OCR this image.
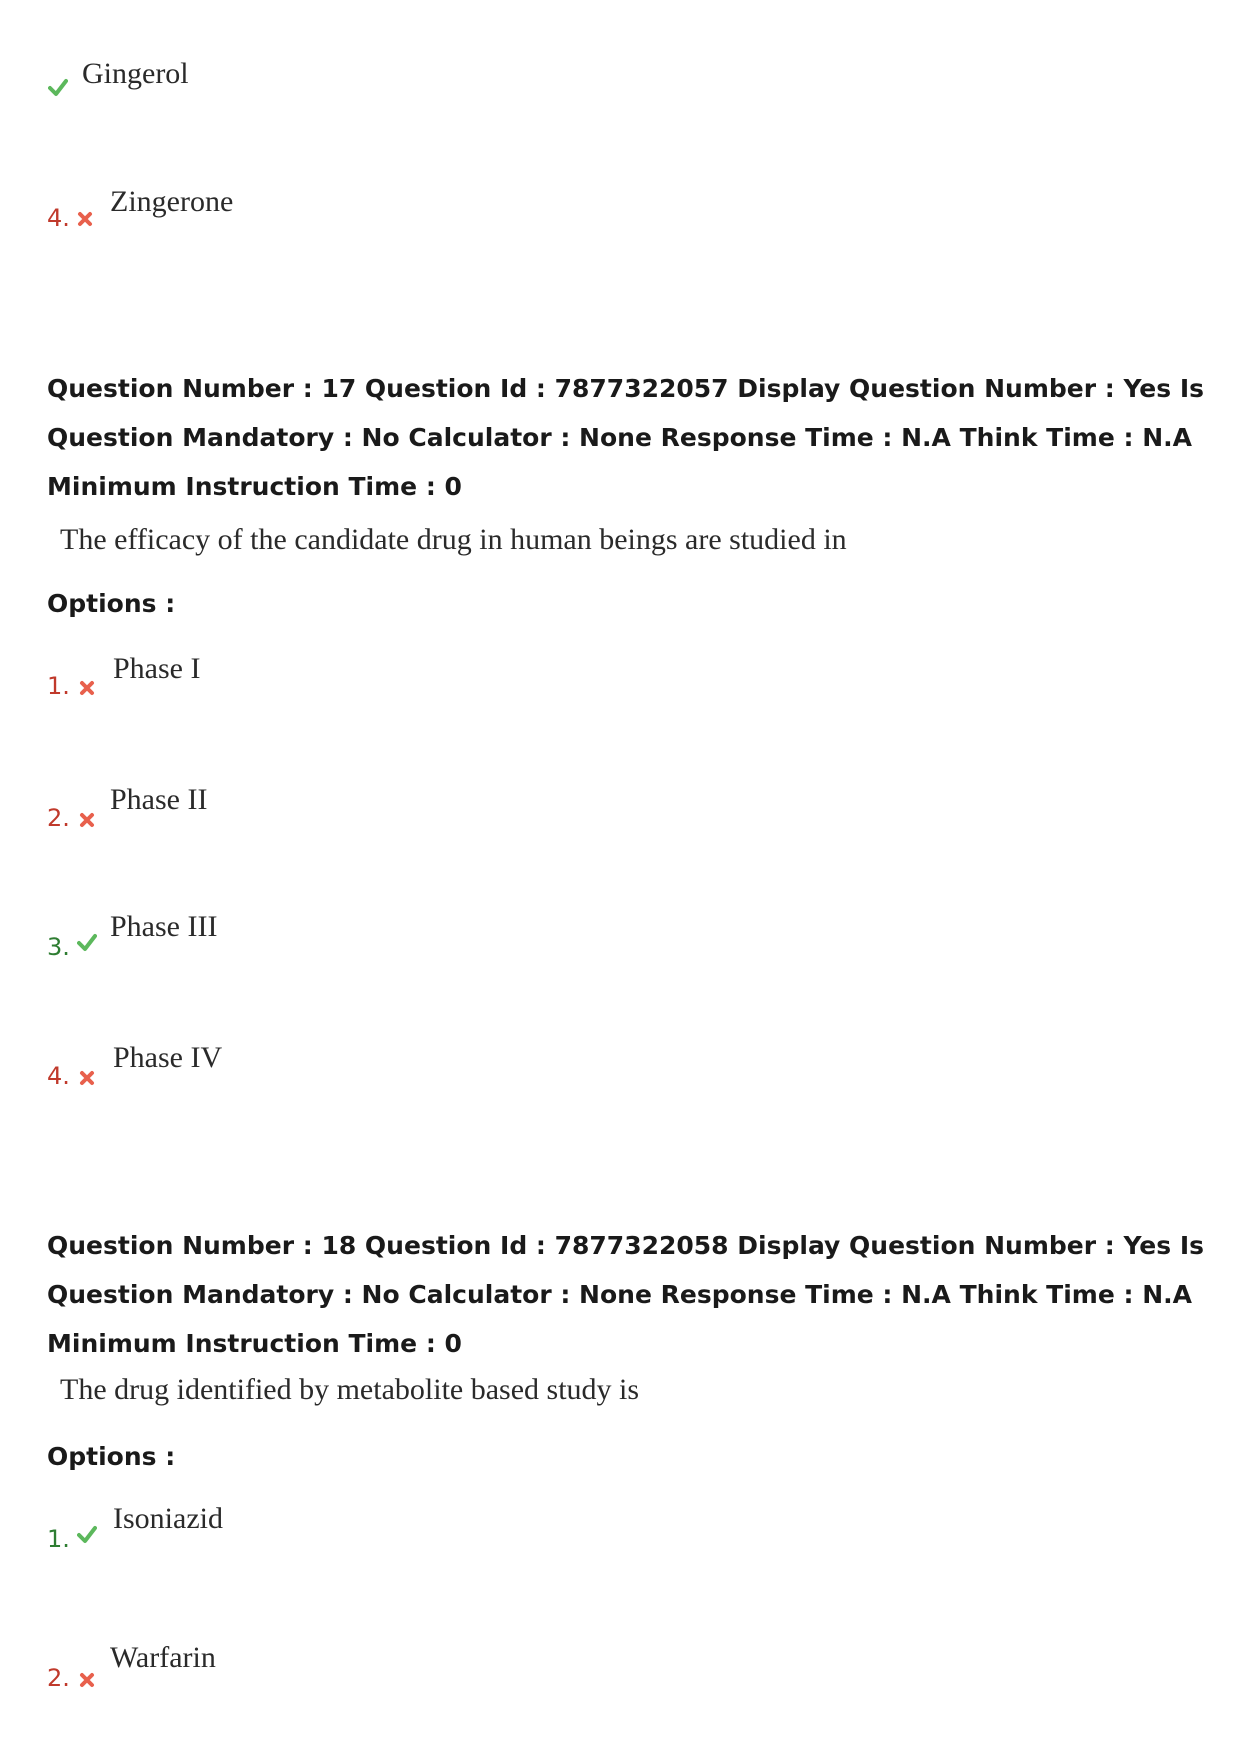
Gingerol
4. Zingerone

Question Number : 17 Question Id : 7877322057 Display Question Number : Yes Is Question Mandatory : No Calculator : None Response Time : N.A Think Time : N.A Minimum Instruction Time : 0

The efficacy of the candidate drug in human beings are studied in
Options :
1.
Phase I
2.
Phase II
3.
Phase III
4.
Phase IV

Question Number : 18 Question Id : 7877322058 Display Question Number : Yes Is Question Mandatory : No Calculator : None Response Time : N.A Think Time : N.A Minimum Instruction Time : 0

The drug identified by metabolite based study is
Options :
1.
Isoniazid
2.
Warfarin
